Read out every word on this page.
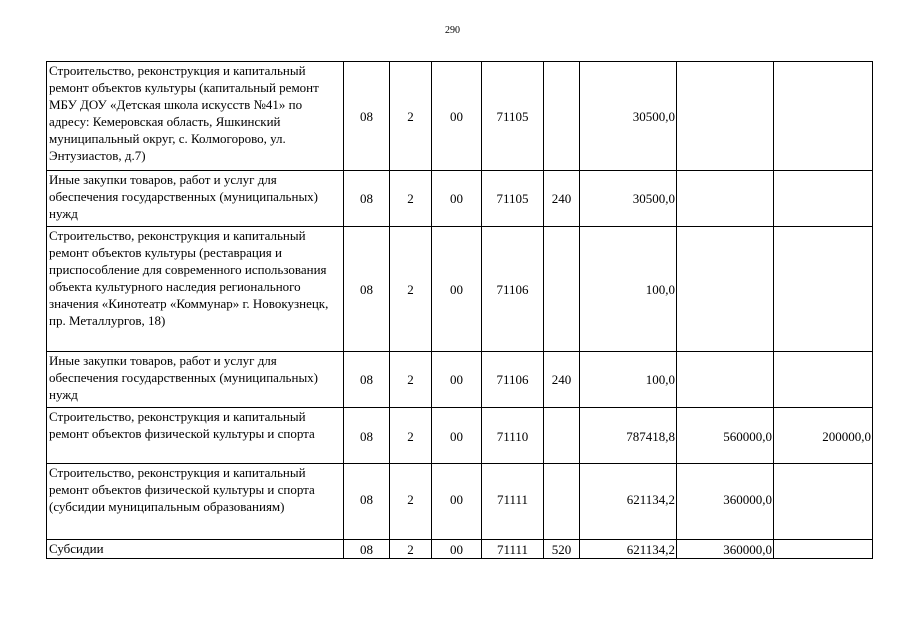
290
Строительство, реконструкция и капитальный ремонт объектов культуры (капитальный ремонт МБУ ДОУ «Детская школа искусств №41» по адресу: Кемеровская область, Яшкинский муниципальный округ, с. Колмогорово, ул. Энтузиастов, д.7)	08	2	00	71105		30500,0		
Иные закупки товаров, работ и услуг для обеспечения государственных (муниципальных) нужд	08	2	00	71105	240	30500,0		
Строительство, реконструкция и капитальный ремонт объектов культуры (реставрация и приспособление для современного использования объекта культурного наследия регионального значения «Кинотеатр «Коммунар» г. Новокузнецк, пр. Металлургов, 18)	08	2	00	71106		100,0		
Иные закупки товаров, работ и услуг для обеспечения государственных (муниципальных) нужд	08	2	00	71106	240	100,0		
Строительство, реконструкция и капитальный ремонт объектов физической культуры и спорта	08	2	00	71110		787418,8	560000,0	200000,0
Строительство, реконструкция и капитальный ремонт объектов физической культуры и спорта (субсидии муниципальным образованиям)	08	2	00	71111		621134,2	360000,0	
Субсидии	08	2	00	71111	520	621134,2	360000,0	
